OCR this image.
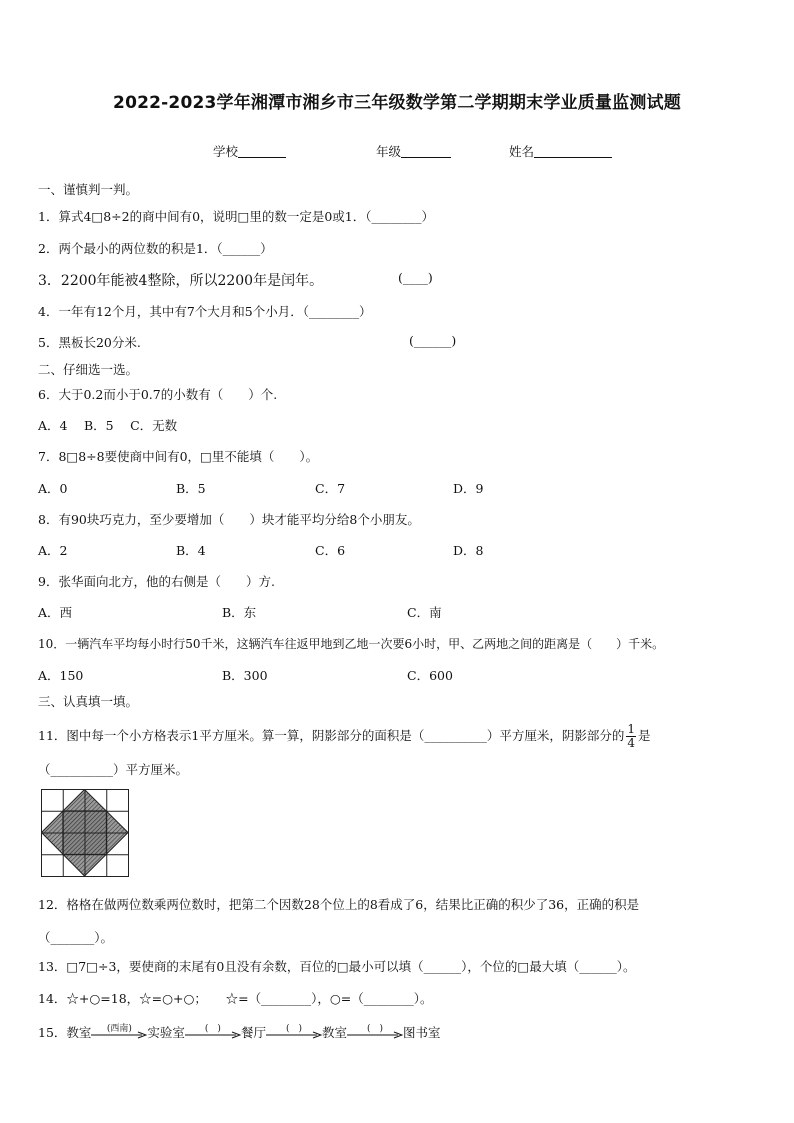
2022-2023学年湘潭市湘乡市三年级数学第二学期期末学业质量监测试题
学校	年级	姓名
一、谨慎判一判。
1．算式4□8÷2的商中间有0，说明□里的数一定是0或1．（________）
2．两个最小的两位数的积是1．（______）
3．2200年能被4整除，所以2200年是闰年。	(____)
4．一年有12个月，其中有7个大月和5个小月．（________）
5．黑板长20分米.	(______)
二、仔细选一选。
6．大于0.2而小于0.7的小数有（　　）个.
A．4　 B．5　 C．无数
7．8□8÷8要使商中间有0，□里不能填（　　）。
A．0	B．5	C．7	D．9
8．有90块巧克力，至少要增加（　　）块才能平均分给8个小朋友。
A．2	B．4	C．6	D．8
9．张华面向北方，他的右侧是（　　）方.
A．西	B．东	C．南
10．一辆汽车平均每小时行50千米，这辆汽车往返甲地到乙地一次要6小时，甲、乙两地之间的距离是（　　）千米。
A．150	B．300	C．600
三、认真填一填。
11．图中每一个小方格表示1平方厘米。算一算，阴影部分的面积是（__________）平方厘米，阴影部分的 $\frac{1}{4}$ 是
（__________）平方厘米。
12．格格在做两位数乘两位数时，把第二个因数28个位上的8看成了6，结果比正确的积少了36，正确的积是
（_______）。
13．□7□÷3，要使商的末尾有0且没有余数，百位的□最小可以填（______），个位的□最大填（______）。
14．☆+○=18，☆=○+○；　　☆=（________），○=（________）。
15．教室	(西南)	实验室	(　)	餐厅	(　)	教室	(　)	图书室
